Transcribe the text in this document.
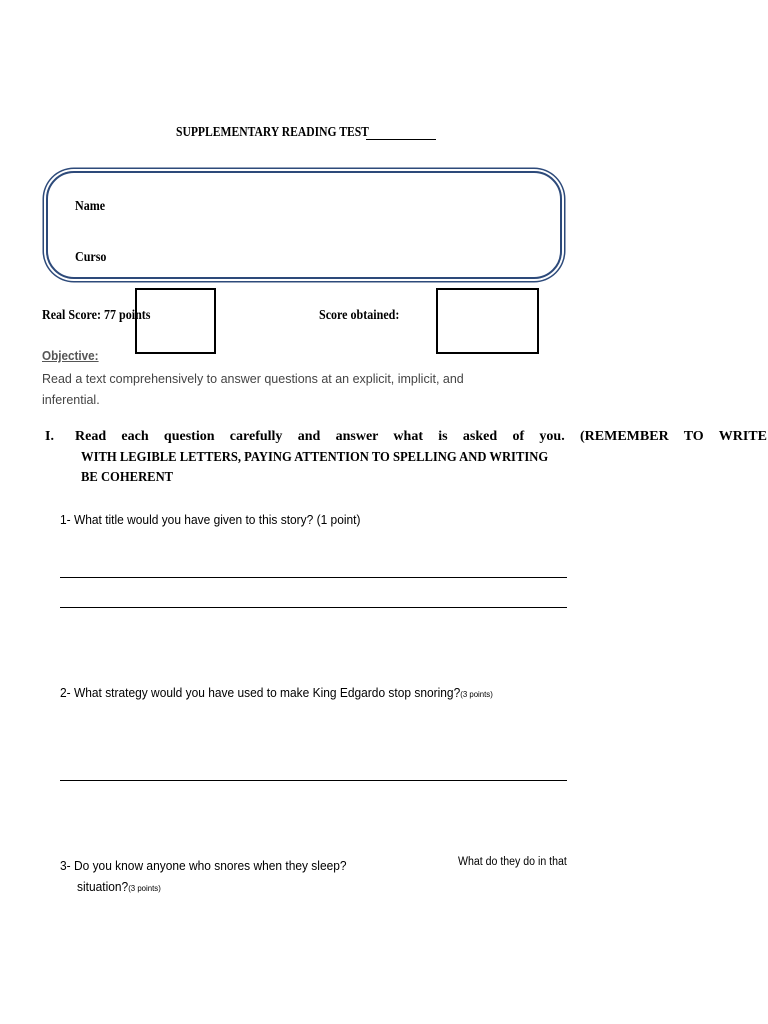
SUPPLEMENTARY READING TEST
Name
Curso
Real Score: 77 points	Score obtained:
Objective:
Read a text comprehensively to answer questions at an explicit, implicit, and inferential.
I. Read each question carefully and answer what is asked of you. (REMEMBER TO WRITE
WITH LEGIBLE LETTERS, PAYING ATTENTION TO SPELLING AND WRITING
BE COHERENT
1- What title would you have given to this story? (1 point)
2- What strategy would you have used to make King Edgardo stop snoring?(3 points)
3- Do you know anyone who snores when they sleep?	What do they do in that
situation?(3 points)
